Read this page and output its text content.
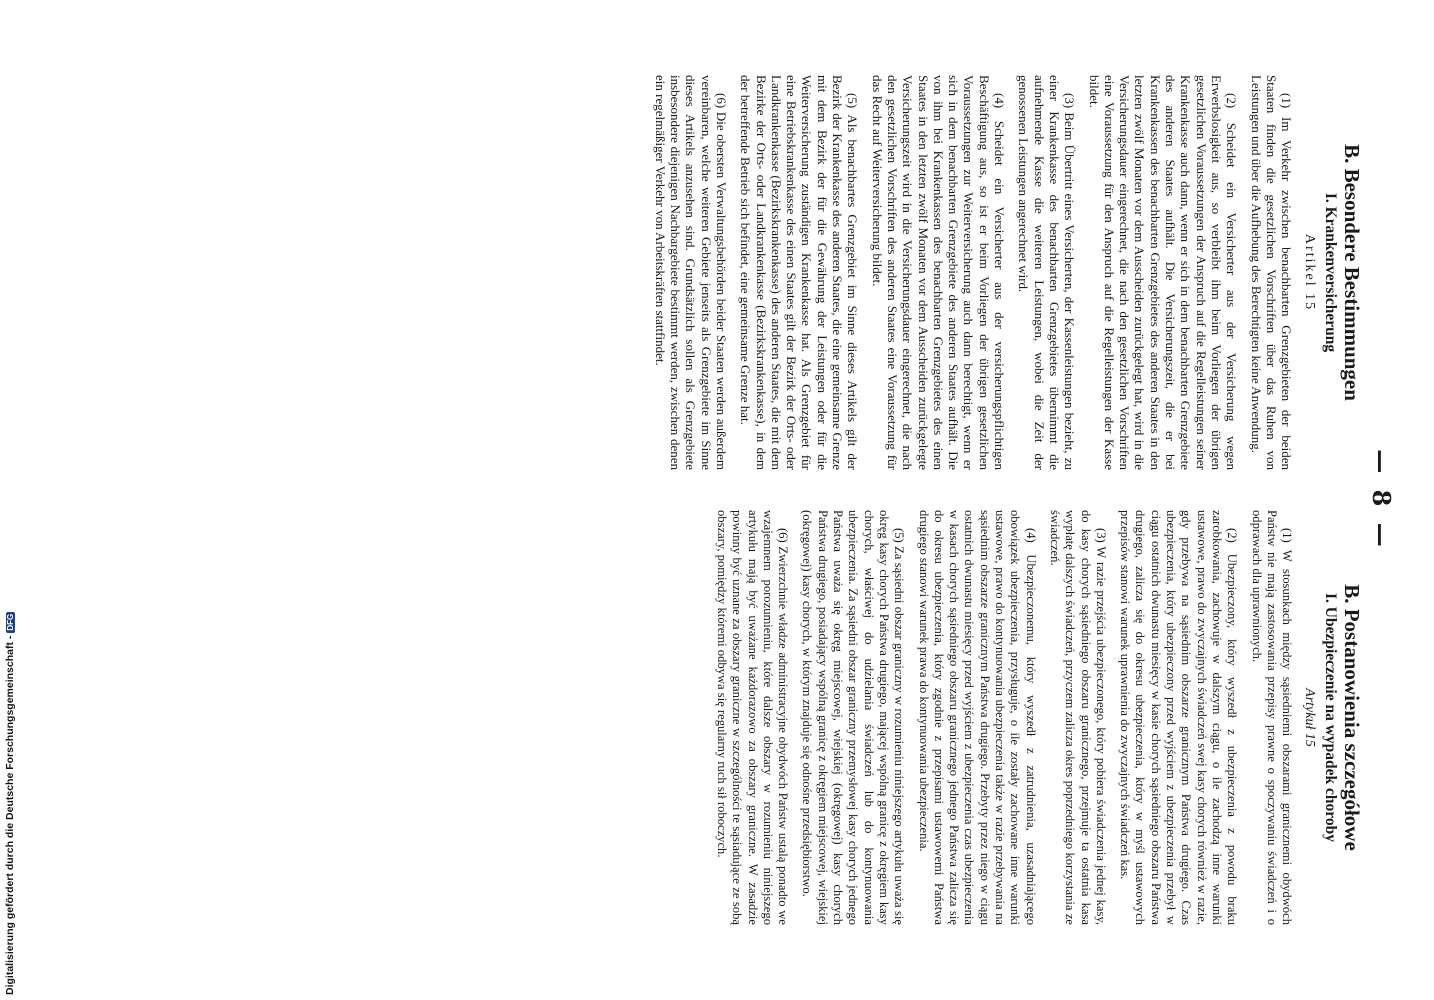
— 8 —
B. Besondere Bestimmungen
I. Krankenversicherung
Artikel 15

(1) Im Verkehr zwischen benachbarten Grenzgebieten der beiden Staaten finden die gesetzlichen Vorschriften über das Ruhen von Leistungen und über die Aufhebung des Berechtigten keine Anwendung.

(2) Scheidet ein Versicherter aus der Versicherung wegen Erwerbslosigkeit aus, so verbleibt ihm beim Vorliegen der übrigen gesetzlichen Voraussetzungen der Anspruch auf die Regelleistungen seiner Krankenkasse auch dann, wenn er sich in dem benachbarten Grenzgebiete des anderen Staates aufhält. Die Versicherungszeit, die er bei Krankenkassen des benachbarten Grenzgebietes des anderen Staates in den letzten zwölf Monaten vor dem Ausscheiden zurückgelegt hat, wird in die Versicherungsdauer eingerechnet, die nach den gesetzlichen Vorschriften eine Voraussetzung für den Anspruch auf die Regelleistungen der Kasse bildet.

(3) Beim Übertritt eines Versicherten, der Kassenleistungen bezieht, zu einer Krankenkasse des benachbarten Grenzgebietes übernimmt die aufnehmende Kasse die weiteren Leistungen, wobei die Zeit der genossenen Leistungen angerechnet wird.

(4) Scheidet ein Versicherter aus der versicherungspflichtigen Beschäftigung aus, so ist er beim Vorliegen der übrigen gesetzlichen Voraussetzungen zur Weiterversicherung auch dann berechtigt, wenn er sich in dem benachbarten Grenzgebiete des anderen Staates aufhält. Die von ihm bei Krankenkassen des benachbarten Grenzgebietes des einen Staates in den letzten zwölf Monaten vor dem Ausscheiden zurückgelegte Versicherungszeit wird in die Versicherungsdauer eingerechnet, die nach den gesetzlichen Vorschriften des anderen Staates eine Voraussetzung für das Recht auf Weiterversicherung bildet.

(5) Als benachbartes Grenzgebiet im Sinne dieses Artikels gilt der Bezirk der Krankenkasse des anderen Staates, die eine gemeinsame Grenze mit dem Bezirk der für die Gewährung der Leistungen oder für die Weiterversicherung zuständigen Krankenkasse hat. Als Grenzgebiet für eine Betriebskrankenkasse des einen Staates gilt der Bezirk der Orts- oder Landkrankenkasse (Bezirkskrankenkasse) des anderen Staates, die mit dem Bezirke der Orts- oder Landkrankenkasse (Bezirkskrankenkasse), in dem der betreffende Betrieb sich befindet, eine gemeinsame Grenze hat.

(6) Die obersten Verwaltungsbehörden beider Staaten werden außerdem vereinbaren, welche weiteren Gebiete jenseits als Grenzgebiete im Sinne dieses Artikels anzusehen sind. Grundsätzlich sollen als Grenzgebiete insbesondere diejenigen Nachbargebiete bestimmt werden, zwischen denen ein regelmäßiger Verkehr von Arbeitskräften stattfindet.

B. Postanowienia szczegółowe
I. Ubezpieczenie na wypadek choroby
Artykuł 15

(1) W stosunkach między sąsiedniemi obszarami granicznemi obydwóch Państw nie mają zastosowania przepisy prawne o spoczywaniu świadczeń i o odprawach dla uprawnionych.

(2) Ubezpieczony, który wyszedł z ubezpieczenia z powodu braku zarobkowania, zachowuje w dalszym ciągu, o ile zachodzą inne warunki ustawowe, prawo do zwyczajnych świadczeń swej kasy chorych również w razie, gdy przebywa na sąsiednim obszarze granicznym Państwa drugiego. Czas ubezpieczenia, który ubezpieczony przed wyjściem z ubezpieczenia przebył w ciągu ostatnich dwunastu miesięcy w kasie chorych sąsiedniego obszaru Państwa drugiego, zalicza się do okresu ubezpieczenia, który w myśl ustawowych przepisów stanowi warunek uprawnienia do zwyczajnych świadczeń kas.

(3) W razie przejścia ubezpieczonego, który pobiera świadczenia jednej kasy, do kasy chorych sąsiedniego obszaru granicznego, przejmuje ta ostatnia kasa wypłatę dalszych świadczeń, przyczem zalicza okres poprzedniego korzystania ze świadczeń.

(4) Ubezpieczonemu, który wyszedł z zatrudnienia, uzasadniającego obowiązek ubezpieczenia, przysługuje, o ile zostały zachowane inne warunki ustawowe, prawo do kontynuowania ubezpieczenia także w razie przebywania na sąsiednim obszarze granicznym Państwa drugiego. Przebyty przez niego w ciągu ostatnich dwunastu miesięcy przed wyjściem z ubezpieczenia czas ubezpieczenia w kasach chorych sąsiedniego obszaru granicznego jednego Państwa zalicza się do okresu ubezpieczenia, który zgodnie z przepisami ustawowemi Państwa drugiego stanowi warunek prawa do kontynuowania ubezpieczenia.

(5) Za sąsiedni obszar graniczny w rozumieniu niniejszego artykułu uważa się okręg kasy chorych Państwa drugiego, mającej wspólną granicę z okręgiem kasy chorych, właściwej do udzielania świadczeń lub do kontynuowania ubezpieczenia. Za sąsiedni obszar graniczny przemysłowej kasy chorych jednego Państwa uważa się okręg miejscowej, wiejskiej (okręgowej) kasy chorych Państwa drugiego, posiadający wspólną granicę z okręgiem miejscowej, wiejskiej (okręgowej) kasy chorych, w którym znajduje się odnośne przedsiębiorstwo.

(6) Zwierzchnie władze administracyjne obydwóch Państw ustalą ponadto we wzajemnem porozumieniu, które dalsze obszary w rozumieniu niniejszego artykułu mają być uważane każdorazowo za obszary graniczne. W zasadzie powinny być uznane za obszary graniczne w szczególności te sąsiadujące ze sobą obszary, pomiędzy któremi odbywa się regularny ruch sił roboczych.

Digitalisierung gefördert durch die Deutsche Forschungsgemeinschaft -DFG
